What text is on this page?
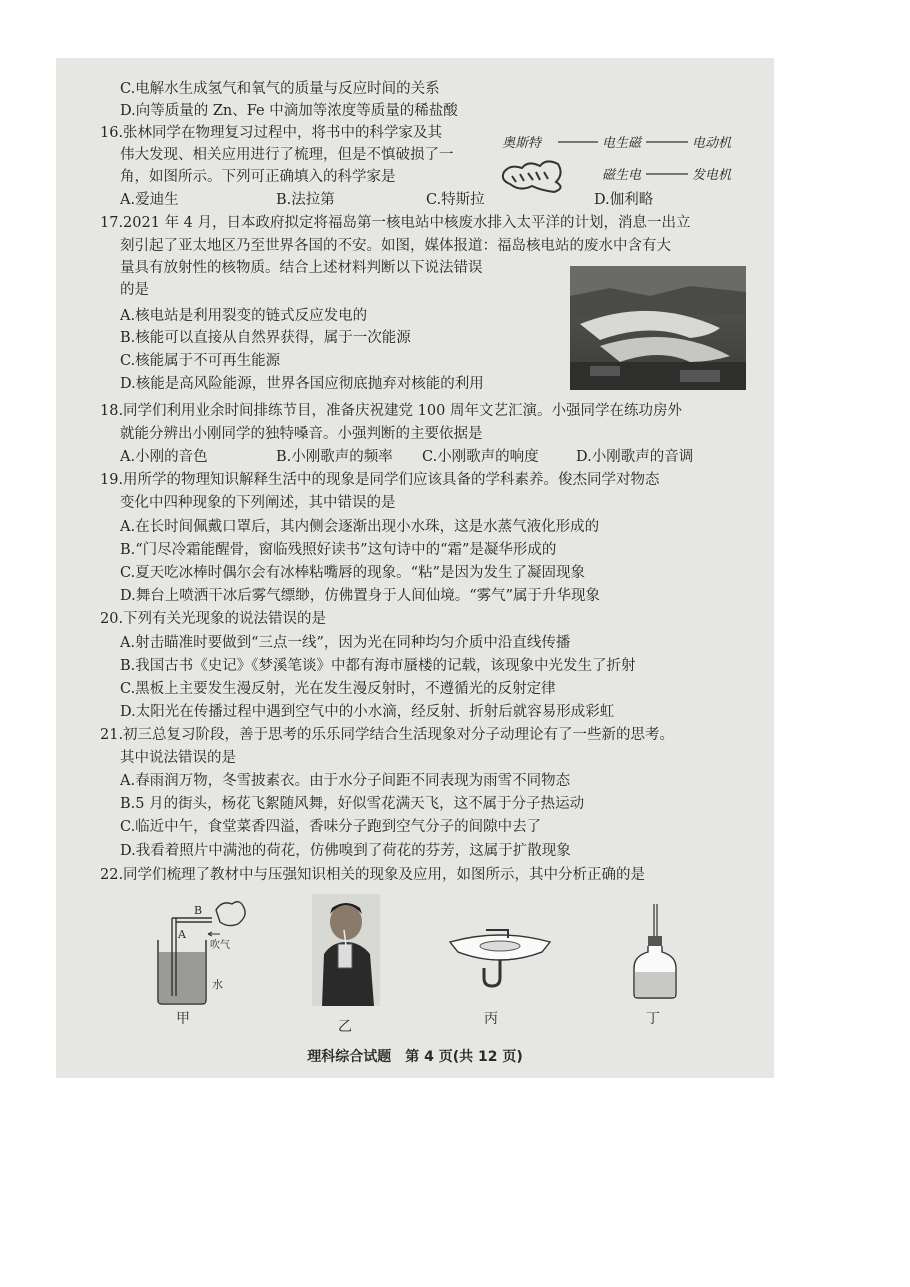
C.电解水生成氢气和氧气的质量与反应时间的关系
D.向等质量的 Zn、Fe 中滴加等浓度等质量的稀盐酸
16.张林同学在物理复习过程中，将书中的科学家及其
伟大发现、相关应用进行了梳理，但是不慎破损了一
角，如图所示。下列可正确填入的科学家是
A.爱迪生	B.法拉第	C.特斯拉	D.伽利略
奥斯特	电生磁	电动机
磁生电	发电机
17.2021 年 4 月，日本政府拟定将福岛第一核电站中核废水排入太平洋的计划，消息一出立
刻引起了亚太地区乃至世界各国的不安。如图，媒体报道：福岛核电站的废水中含有大
量具有放射性的核物质。结合上述材料判断以下说法错误
的是
A.核电站是利用裂变的链式反应发电的
B.核能可以直接从自然界获得，属于一次能源
C.核能属于不可再生能源
D.核能是高风险能源，世界各国应彻底抛弃对核能的利用
18.同学们利用业余时间排练节目，准备庆祝建党 100 周年文艺汇演。小强同学在练功房外
就能分辨出小刚同学的独特嗓音。小强判断的主要依据是
A.小刚的音色	B.小刚歌声的频率 C.小刚歌声的响度	D.小刚歌声的音调
19.用所学的物理知识解释生活中的现象是同学们应该具备的学科素养。俊杰同学对物态
变化中四种现象的下列阐述，其中错误的是
A.在长时间佩戴口罩后，其内侧会逐渐出现小水珠，这是水蒸气液化形成的
B.“门尽冷霜能醒骨，窗临残照好读书”这句诗中的“霜”是凝华形成的
C.夏天吃冰棒时偶尔会有冰棒粘嘴唇的现象。“粘”是因为发生了凝固现象
D.舞台上喷洒干冰后雾气缥缈，仿佛置身于人间仙境。“雾气”属于升华现象
20.下列有关光现象的说法错误的是
A.射击瞄准时要做到“三点一线”，因为光在同种均匀介质中沿直线传播
B.我国古书《史记》《梦溪笔谈》中都有海市蜃楼的记载，该现象中光发生了折射
C.黑板上主要发生漫反射，光在发生漫反射时，不遵循光的反射定律
D.太阳光在传播过程中遇到空气中的小水滴，经反射、折射后就容易形成彩虹
21.初三总复习阶段，善于思考的乐乐同学结合生活现象对分子动理论有了一些新的思考。
其中说法错误的是
A.春雨润万物，冬雪披素衣。由于水分子间距不同表现为雨雪不同物态
B.5 月的街头，杨花飞絮随风舞，好似雪花满天飞，这不属于分子热运动
C.临近中午，食堂菜香四溢，香味分子跑到空气分子的间隙中去了
D.我看着照片中满池的荷花，仿佛嗅到了荷花的芬芳，这属于扩散现象
22.同学们梳理了教材中与压强知识相关的现象及应用，如图所示，其中分析正确的是
B
A
吹气
水
甲	乙	丙	丁
理科综合试题　第 4 页(共 12 页)
